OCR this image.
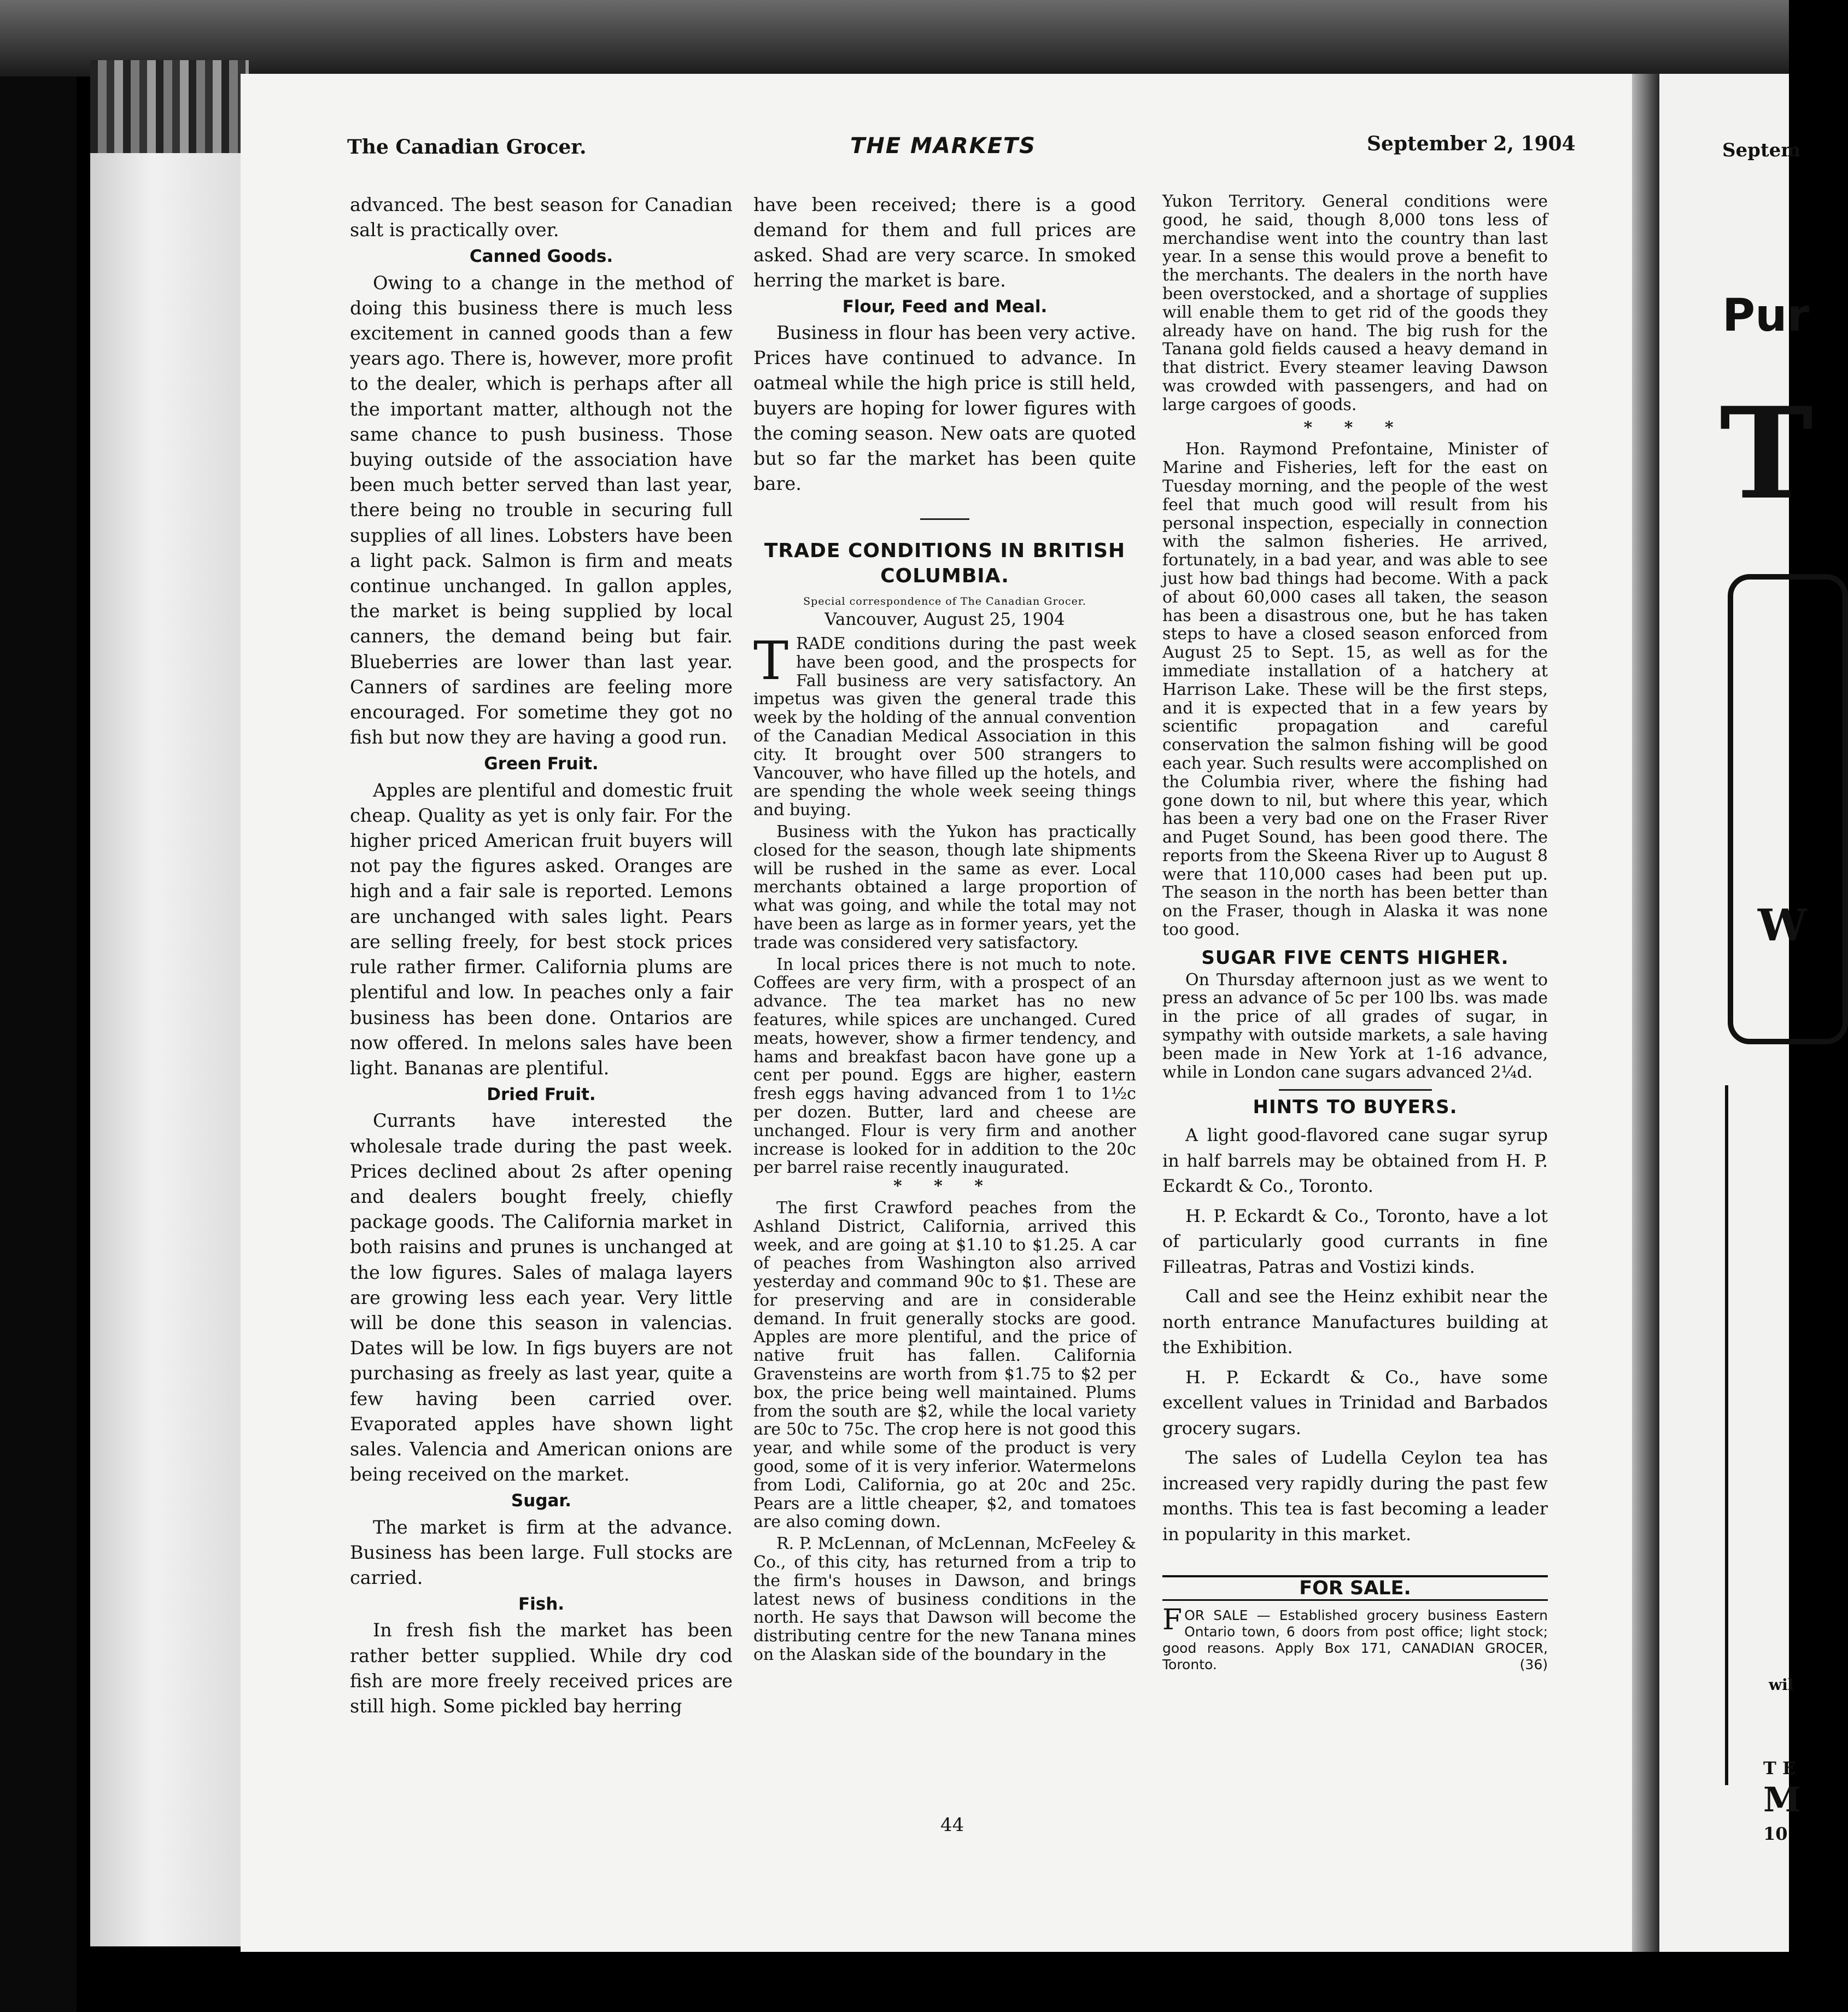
Septem
Pur
T
W
wil
T E
M
10
The Canadian Grocer.	THE MARKETS	September 2, 1904

advanced. The best season for Canadian salt is practically over.

Canned Goods.

Owing to a change in the method of doing this business there is much less excitement in canned goods than a few years ago. There is, however, more profit to the dealer, which is perhaps after all the important matter, although not the same chance to push business. Those buying outside of the association have been much better served than last year, there being no trouble in securing full supplies of all lines. Lobsters have been a light pack. Salmon is firm and meats continue unchanged. In gallon apples, the market is being supplied by local canners, the demand being but fair. Blueberries are lower than last year. Canners of sardines are feeling more encouraged. For sometime they got no fish but now they are having a good run.

Green Fruit.

Apples are plentiful and domestic fruit cheap. Quality as yet is only fair. For the higher priced American fruit buyers will not pay the figures asked. Oranges are high and a fair sale is reported. Lemons are unchanged with sales light. Pears are selling freely, for best stock prices rule rather firmer. California plums are plentiful and low. In peaches only a fair business has been done. Ontarios are now offered. In melons sales have been light. Bananas are plentiful.

Dried Fruit.

Currants have interested the wholesale trade during the past week. Prices declined about 2s after opening and dealers bought freely, chiefly package goods. The California market in both raisins and prunes is unchanged at the low figures. Sales of malaga layers are growing less each year. Very little will be done this season in valencias. Dates will be low. In figs buyers are not purchasing as freely as last year, quite a few having been carried over. Evaporated apples have shown light sales. Valencia and American onions are being received on the market.

Sugar.

The market is firm at the advance. Business has been large. Full stocks are carried.

Fish.

In fresh fish the market has been rather better supplied. While dry cod fish are more freely received prices are still high. Some pickled bay herring

have been received; there is a good demand for them and full prices are asked. Shad are very scarce. In smoked herring the market is bare.

Flour, Feed and Meal.

Business in flour has been very active. Prices have continued to advance. In oatmeal while the high price is still held, buyers are hoping for lower figures with the coming season. New oats are quoted but so far the market has been quite bare.

TRADE CONDITIONS IN BRITISH COLUMBIA.

Special correspondence of The Canadian Grocer.

Vancouver, August 25, 1904

TRADE conditions during the past week have been good, and the prospects for Fall business are very satisfactory. An impetus was given the general trade this week by the holding of the annual convention of the Canadian Medical Association in this city. It brought over 500 strangers to Vancouver, who have filled up the hotels, and are spending the whole week seeing things and buying.

Business with the Yukon has practically closed for the season, though late shipments will be rushed in the same as ever. Local merchants obtained a large proportion of what was going, and while the total may not have been as large as in former years, yet the trade was considered very satisfactory.

In local prices there is not much to note. Coffees are very firm, with a prospect of an advance. The tea market has no new features, while spices are unchanged. Cured meats, however, show a firmer tendency, and hams and breakfast bacon have gone up a cent per pound. Eggs are higher, eastern fresh eggs having advanced from 1 to 1½c per dozen. Butter, lard and cheese are unchanged. Flour is very firm and another increase is looked for in addition to the 20c per barrel raise recently inaugurated.

* * *

The first Crawford peaches from the Ashland District, California, arrived this week, and are going at $1.10 to $1.25. A car of peaches from Washington also arrived yesterday and command 90c to $1. These are for preserving and are in considerable demand. In fruit generally stocks are good. Apples are more plentiful, and the price of native fruit has fallen. California Gravensteins are worth from $1.75 to $2 per box, the price being well maintained. Plums from the south are $2, while the local variety are 50c to 75c. The crop here is not good this year, and while some of the product is very good, some of it is very inferior. Watermelons from Lodi, California, go at 20c and 25c. Pears are a little cheaper, $2, and tomatoes are also coming down.

R. P. McLennan, of McLennan, McFeeley & Co., of this city, has returned from a trip to the firm's houses in Dawson, and brings latest news of business conditions in the north. He says that Dawson will become the distributing centre for the new Tanana mines on the Alaskan side of the boundary in the

Yukon Territory. General conditions were good, he said, though 8,000 tons less of merchandise went into the country than last year. In a sense this would prove a benefit to the merchants. The dealers in the north have been overstocked, and a shortage of supplies will enable them to get rid of the goods they already have on hand. The big rush for the Tanana gold fields caused a heavy demand in that district. Every steamer leaving Dawson was crowded with passengers, and had on large cargoes of goods.

* * *

Hon. Raymond Prefontaine, Minister of Marine and Fisheries, left for the east on Tuesday morning, and the people of the west feel that much good will result from his personal inspection, especially in connection with the salmon fisheries. He arrived, fortunately, in a bad year, and was able to see just how bad things had become. With a pack of about 60,000 cases all taken, the season has been a disastrous one, but he has taken steps to have a closed season enforced from August 25 to Sept. 15, as well as for the immediate installation of a hatchery at Harrison Lake. These will be the first steps, and it is expected that in a few years by scientific propagation and careful conservation the salmon fishing will be good each year. Such results were accomplished on the Columbia river, where the fishing had gone down to nil, but where this year, which has been a very bad one on the Fraser River and Puget Sound, has been good there. The reports from the Skeena River up to August 8 were that 110,000 cases had been put up. The season in the north has been better than on the Fraser, though in Alaska it was none too good.

SUGAR FIVE CENTS HIGHER.

On Thursday afternoon just as we went to press an advance of 5c per 100 lbs. was made in the price of all grades of sugar, in sympathy with outside markets, a sale having been made in New York at 1-16 advance, while in London cane sugars advanced 2¼d.

HINTS TO BUYERS.

A light good-flavored cane sugar syrup in half barrels may be obtained from H. P. Eckardt & Co., Toronto.

H. P. Eckardt & Co., Toronto, have a lot of particularly good currants in fine Filleatras, Patras and Vostizi kinds.

Call and see the Heinz exhibit near the north entrance Manufactures building at the Exhibition.

H. P. Eckardt & Co., have some excellent values in Trinidad and Barbados grocery sugars.

The sales of Ludella Ceylon tea has increased very rapidly during the past few months. This tea is fast becoming a leader in popularity in this market.

FOR SALE.

FOR SALE — Established grocery business Eastern Ontario town, 6 doors from post office; light stock; good reasons. Apply Box 171, CANADIAN GROCER, Toronto.	(36)

44
